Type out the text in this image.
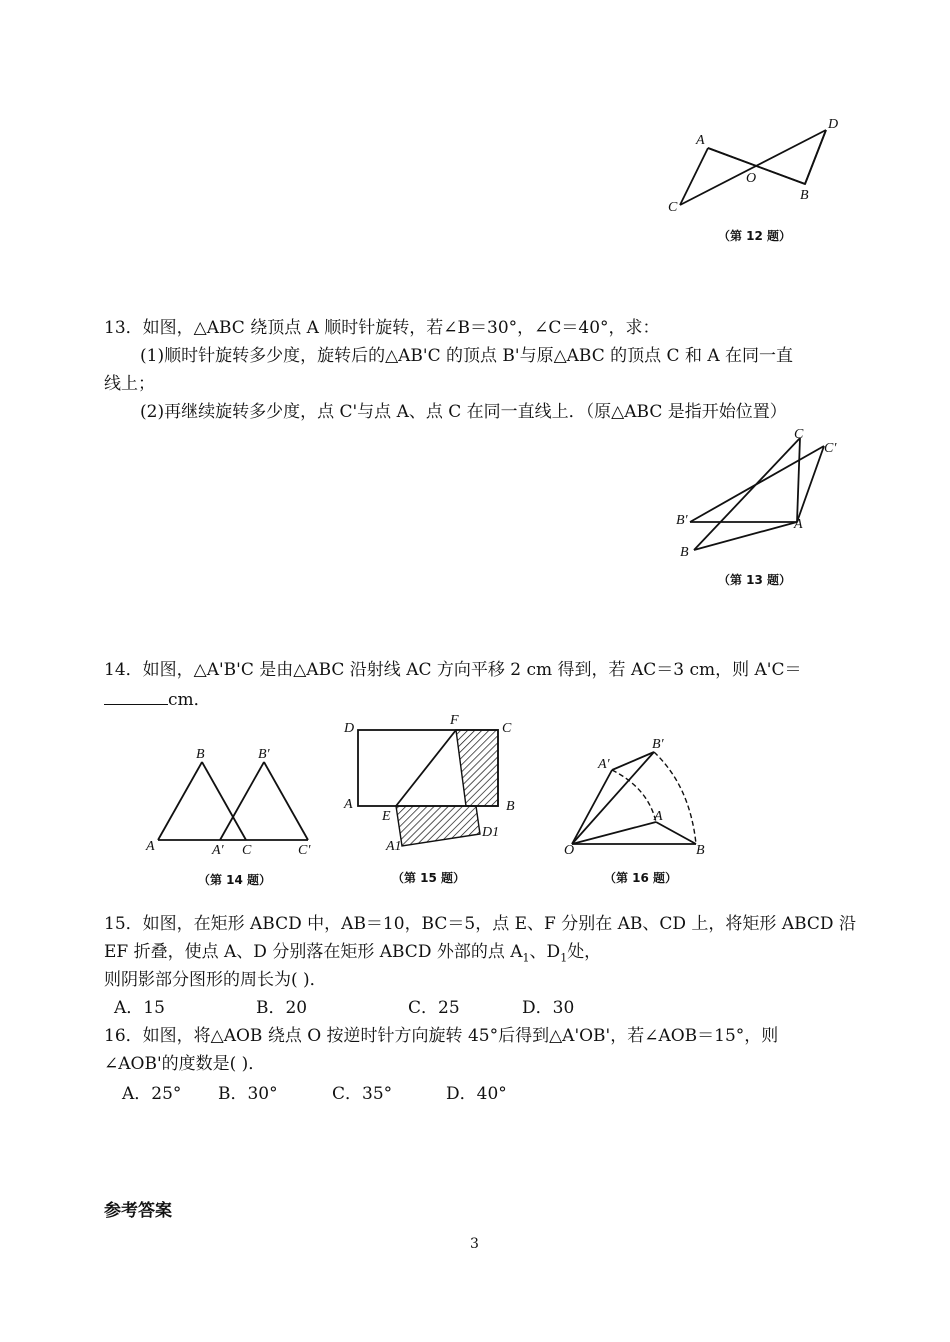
A
D
O
C
B
（第 12 题）
13．如图，△ABC 绕顶点 A 顺时针旋转，若∠B＝30°，∠C＝40°，求：
(1)顺时针旋转多少度，旋转后的△AB'C 的顶点 B'与原△ABC 的顶点 C 和 A 在同一直
线上；
(2)再继续旋转多少度，点 C'与点 A、点 C 在同一直线上．（原△ABC 是指开始位置）
C
C′
B′	A
B
（第 13 题）
14．如图，△A'B'C 是由△ABC 沿射线 AC 方向平移 2 cm 得到，若 AC＝3 cm，则 A'C＝
cm．
B	B′
A	A′ C	C′
（第 14 题）
D
F
C
A	B
E
A1
D1
（第 15 题）
A′
B′
A
O	B
（第 16 题）
15．如图，在矩形 ABCD 中，AB＝10，BC＝5，点 E、F 分别在 AB、CD 上，将矩形 ABCD 沿
EF 折叠，使点 A、D 分别落在矩形 ABCD 外部的点 $A_1$、$D_1$处，
则阴影部分图形的周长为( )．
A．15	B．20	C．25	D．30
16．如图，将△AOB 绕点 O 按逆时针方向旋转 45°后得到△A'OB'，若∠AOB＝15°，则
∠AOB'的度数是( )．
A．25° B．30°	C．35°	D．40°
参考答案
3
